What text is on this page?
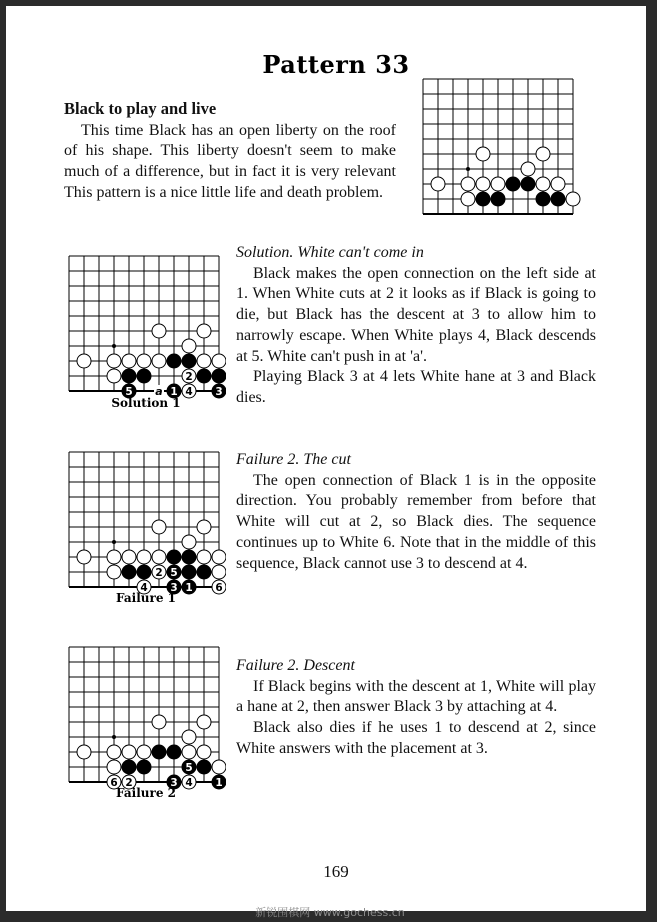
Pattern 33
Black to play and live

This time Black has an open liberty on the roof of his shape. This liberty doesn't seem to make much of a difference, but in fact it is very relevant This pattern is a nice little life and death problem.

a
2
5	1 4 3
Solution 1

Solution. White can't come in

Black makes the open connection on the left side at 1. When White cuts at 2 it looks as if Black is going to die, but Black has the descent at 3 to allow him to narrowly escape. When White plays 4, Black descends at 5. White can't push in at 'a'.

Playing Black 3 at 4 lets White hane at 3 and Black dies.

2 5
4 3 1 6
Failure 1

Failure 2. The cut

The open connection of Black 1 is in the opposite direction. You probably remember from before that White will cut at 2, so Black dies. The sequence continues up to White 6. Note that in the middle of this sequence, Black cannot use 3 to descend at 4.

5
6 2	3 4 1
Failure 2

Failure 2. Descent

If Black begins with the descent at 1, White will play a hane at 2, then answer Black 3 by attaching at 4.

Black also dies if he uses 1 to descend at 2, since White answers with the placement at 3.

169
新锐围棋网 www.gochess.cn
